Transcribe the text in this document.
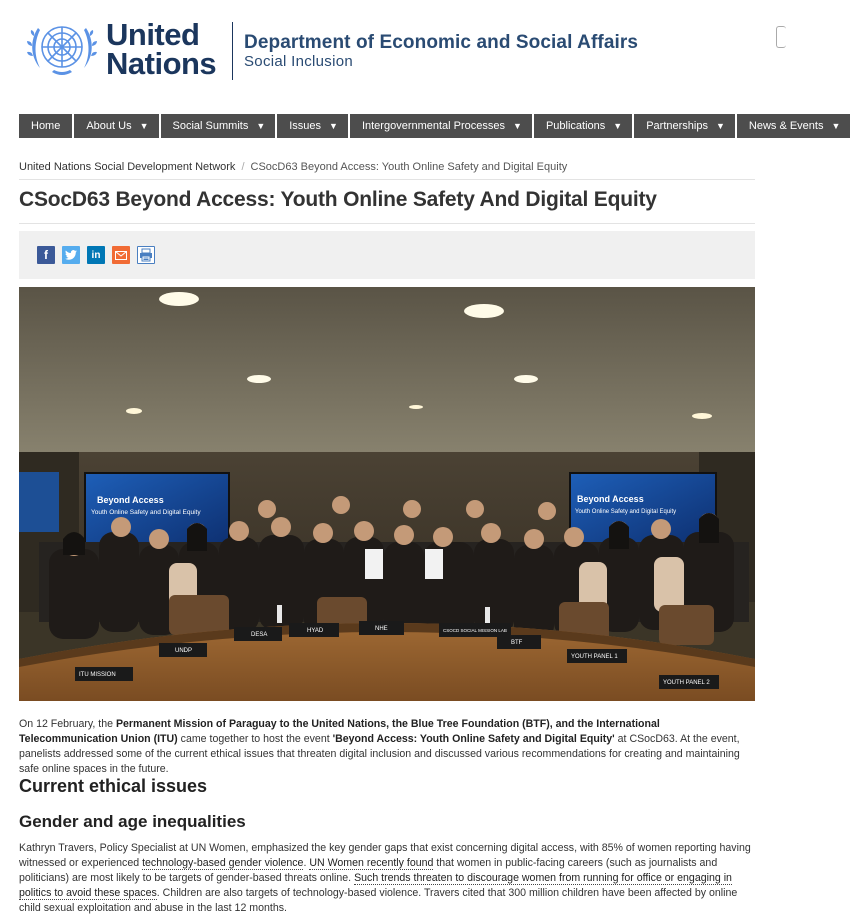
United
Nations
Department of Economic and Social Affairs
Social Inclusion
Home About Us ▼ Social Summits ▼ Issues ▼ Intergovernmental Processes ▼ Publications ▼ Partnerships ▼ News & Events ▼
United Nations Social Development Network / CSocD63 Beyond Access: Youth Online Safety and Digital Equity
CSocD63 Beyond Access: Youth Online Safety And Digital Equity
f	in
Beyond Access
Youth Online Safety and Digital Equity
Beyond Access
Youth Online Safety and Digital Equity
DESA
HYAD	NHE	CSOCD SOCIAL MISSION LAB
BTF
UNDP
YOUTH PANEL 1
YOUTH PANEL 2
ITU MISSION

On 12 February, the Permanent Mission of Paraguay to the United Nations, the Blue Tree Foundation (BTF), and the International Telecommunication Union (ITU) came together to host the event 'Beyond Access: Youth Online Safety and Digital Equity' at CSocD63. At the event, panelists addressed some of the current ethical issues that threaten digital inclusion and discussed various recommendations for creating and maintaining safe online spaces in the future.

Current ethical issues
Gender and age inequalities

Kathryn Travers, Policy Specialist at UN Women, emphasized the key gender gaps that exist concerning digital access, with 85% of women reporting having witnessed or experienced technology-based gender violence. UN Women recently found that women in public-facing careers (such as journalists and politicians) are most likely to be targets of gender-based threats online. Such trends threaten to discourage women from running for office or engaging in politics to avoid these spaces. Children are also targets of technology-based violence. Travers cited that 300 million children have been affected by online child sexual exploitation and abuse in the last 12 months.
